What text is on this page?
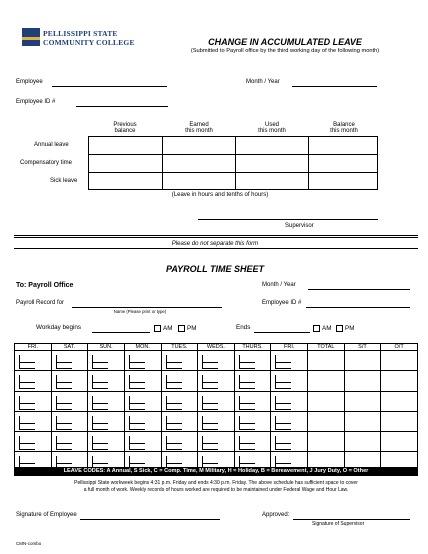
PELLISSIPPI STATE
COMMUNITY COLLEGE	CHANGE IN ACCUMULATED LEAVE
(Submitted to Payroll office by the third working day of the following month)
Employee	Month / Year
Employee ID #
Previous
balance
Earned
this month
Used
this month
Balance
this month
Annual leave
Compensatory time
Sick leave
(Leave in hours and tenths of hours)
Supervisor
Please do not separate this form
PAYROLL TIME SHEET
To: Payroll Office	Month / Year
Payroll Record for
Name (Please print or type)
Employee ID #
Workday begins	AM PM	Ends	AM PM
FRI.	SAT.	SUN.	MON.	TUES.	WEDS.	THURS.	FRI.	TOTAL	S/T	O/T

LEAVE CODES: A Annual, S Sick, C = Comp. Time, M Military, H = Holiday, B = Bereavement, J Jury Duty, O = Other
Pellissippi State workweek begins 4:31 p.m. Friday and ends 4:30 p.m. Friday. The above schedule has sufficient space to cover
a full month of work. Weekly records of hours worked are required to be maintained under Federal Wage and Hour Law.
Signature of Employee	Approved:
Signature of Supervisor
CMN-combo
